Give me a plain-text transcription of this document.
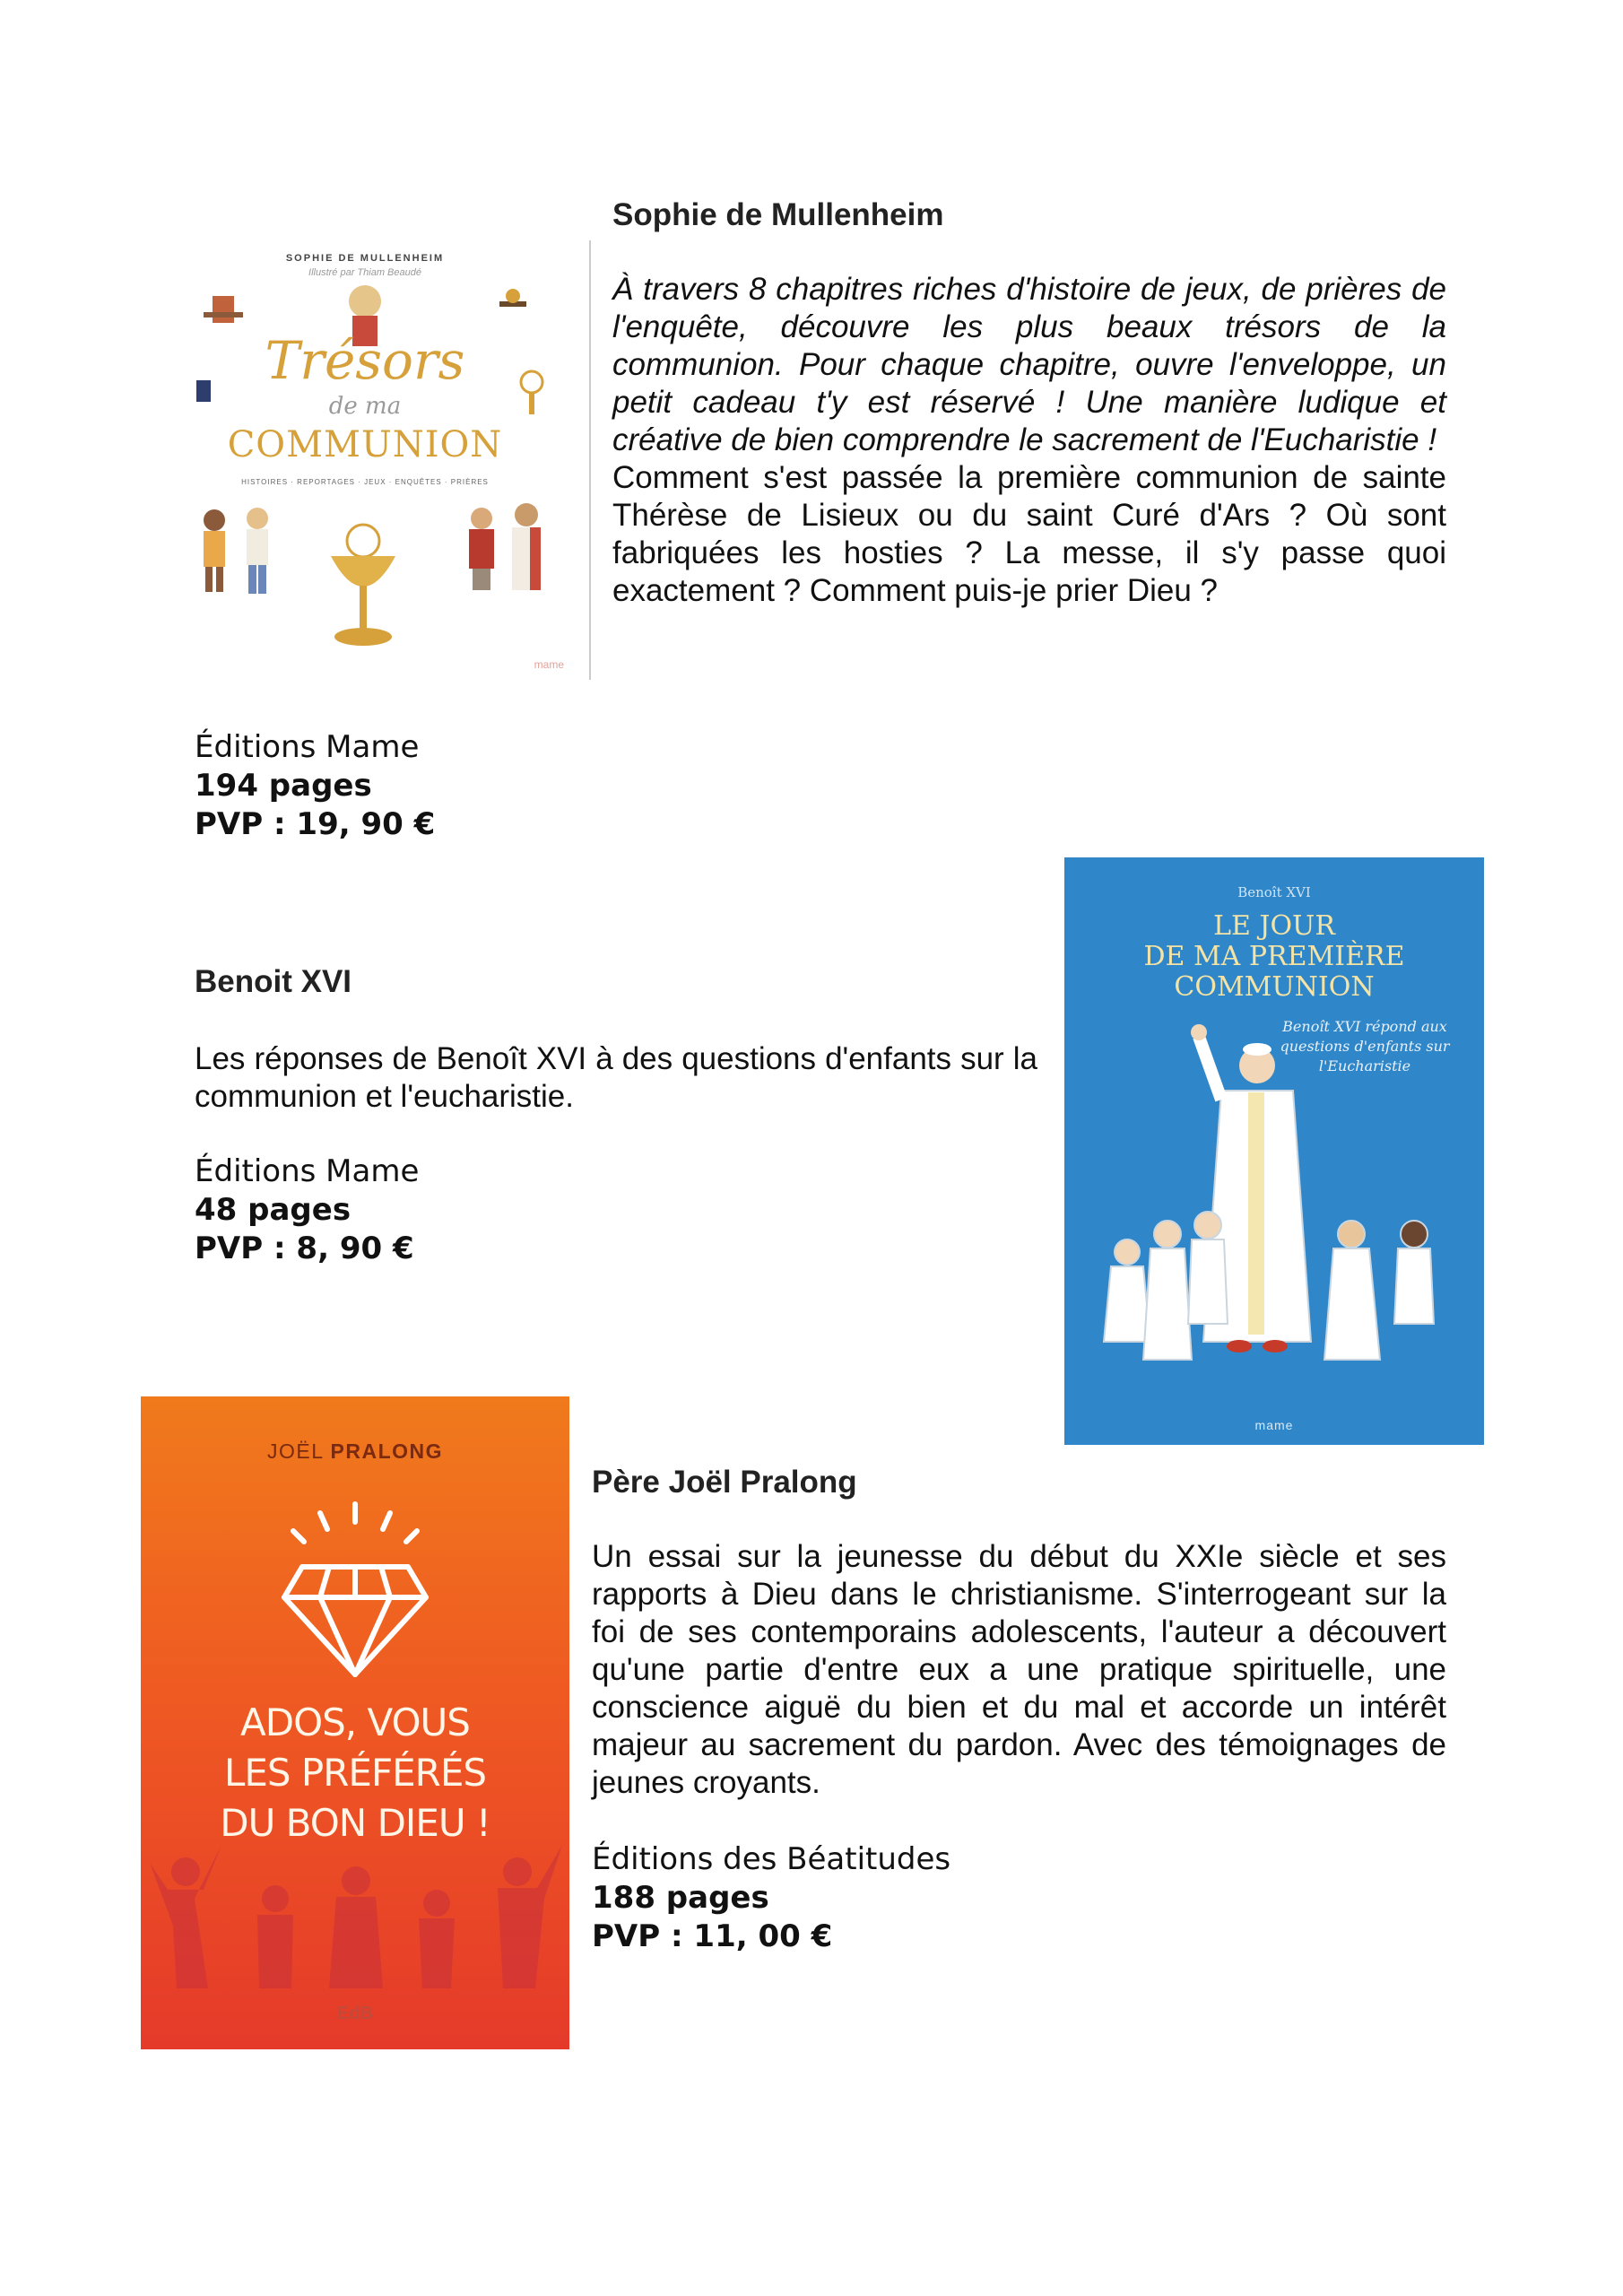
SOPHIE DE MULLENHEIM
Illustré par Thiam Beaudé
Trésors
de ma
COMMUNION
HISTOIRES · REPORTAGES · JEUX · ENQUÊTES · PRIÈRES
mame
Sophie de Mullenheim

À travers 8 chapitres riches d'histoire de jeux, de prières de l'enquête, découvre les plus beaux trésors de la communion. Pour chaque chapitre, ouvre l'enveloppe, un petit cadeau t'y est réservé ! Une manière ludique et créative de bien comprendre le sacrement de l'Eucharistie !

Comment s'est passée la première communion de sainte Thérèse de Lisieux ou du saint Curé d'Ars ? Où sont fabriquées les hosties ? La messe, il s'y passe quoi exactement ? Comment puis-je prier Dieu ?

Éditions Mame
194 pages
PVP : 19, 90 €
Benoit XVI

Les réponses de Benoît XVI à des questions d'enfants sur la communion et l'eucharistie.

Éditions Mame
48 pages
PVP : 8, 90 €
Benoît XVI
LE JOUR
DE MA PREMIÈRE
COMMUNION
Benoît XVI répond aux questions d'enfants sur l'Eucharistie
mame
JOËL PRALONG
ADOS, VOUS
LES PRÉFÉRÉS
DU BON DIEU !
EdB
Père Joël Pralong

Un essai sur la jeunesse du début du XXIe siècle et ses rapports à Dieu dans le christianisme. S'interrogeant sur la foi de ses contemporains adolescents, l'auteur a découvert qu'une partie d'entre eux a une pratique spirituelle, une conscience aiguë du bien et du mal et accorde un intérêt majeur au sacrement du pardon. Avec des témoignages de jeunes croyants.

Éditions des Béatitudes
188 pages
PVP : 11, 00 €
